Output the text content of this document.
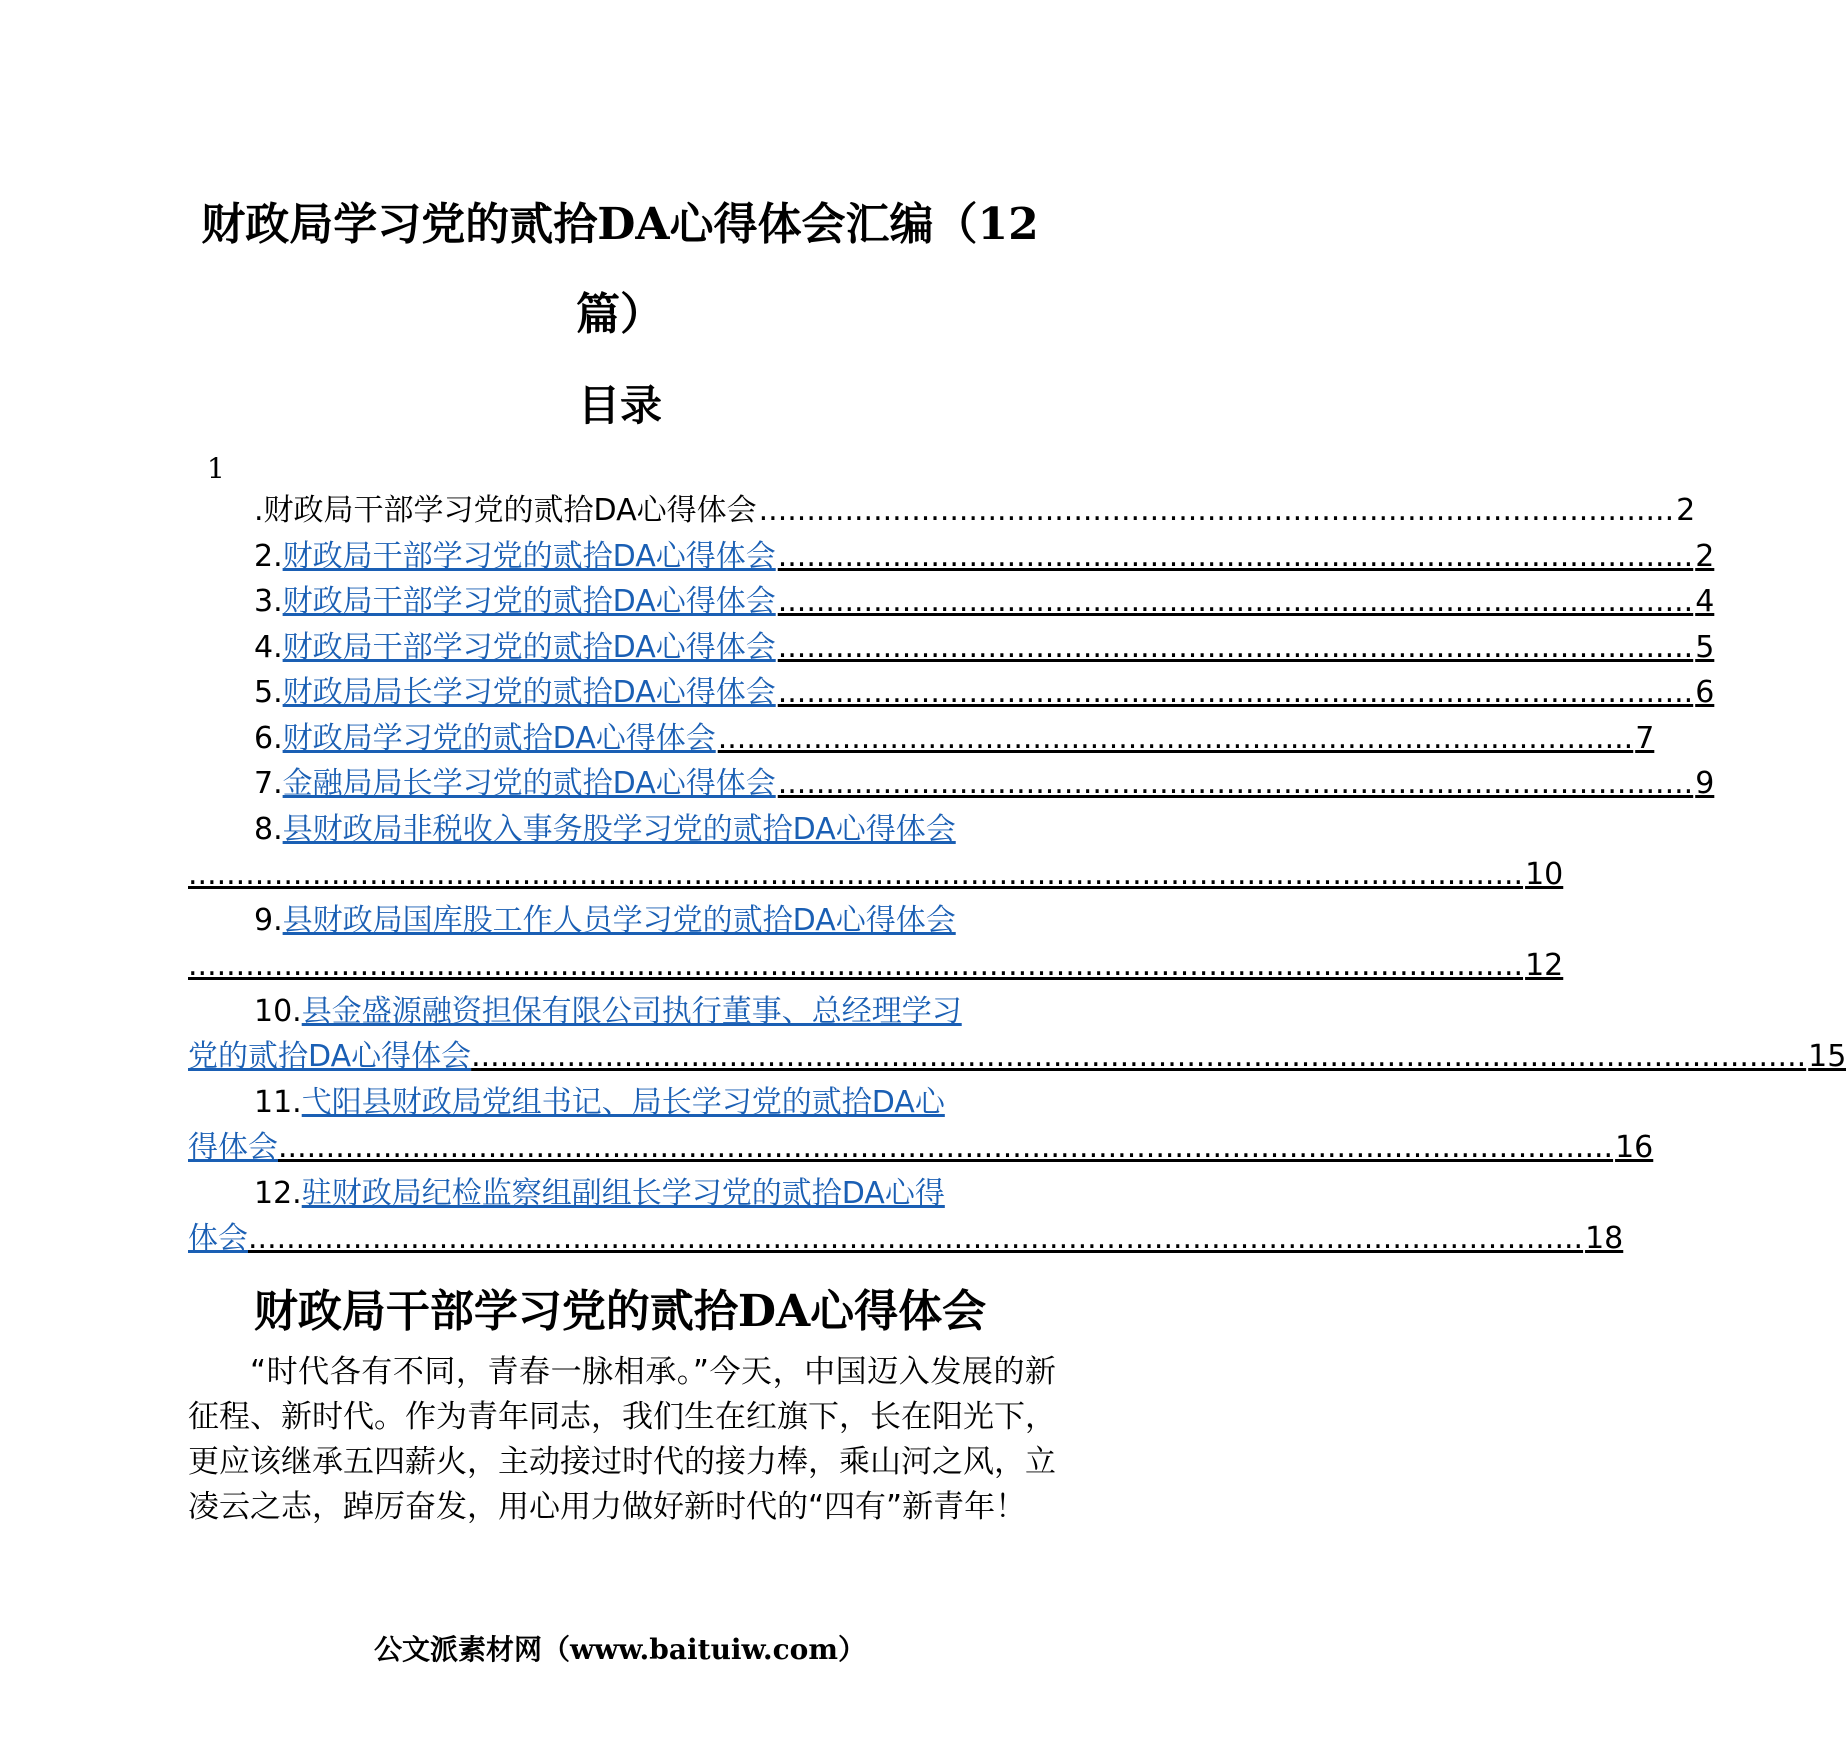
财政局学习党的贰拾DA心得体会汇编（12
篇）
目录
1
.财政局干部学习党的贰拾DA心得体会 ................................................................................................ 2
2. 财政局干部学习党的贰拾DA心得体会 ................................................................................................ 2
3. 财政局干部学习党的贰拾DA心得体会 ................................................................................................ 4
4. 财政局干部学习党的贰拾DA心得体会 ................................................................................................ 5
5. 财政局局长学习党的贰拾DA心得体会 ................................................................................................ 6
6. 财政局学习党的贰拾DA心得体会 ................................................................................................ 7
7. 金融局局长学习党的贰拾DA心得体会 ................................................................................................ 9
8.县财政局非税收入事务股学习党的贰拾DA心得体会
............................................................................................................................................ 10
9.县财政局国库股工作人员学习党的贰拾DA心得体会
............................................................................................................................................ 12
10.县金盛源融资担保有限公司执行董事、总经理学习
党的贰拾DA心得体会 ............................................................................................................................................ 15
11.弋阳县财政局党组书记、局长学习党的贰拾DA心
得体会 ............................................................................................................................................ 16
12.驻财政局纪检监察组副组长学习党的贰拾DA心得
体会 ............................................................................................................................................ 18
财政局干部学习党的贰拾DA心得体会

“时代各有不同，青春一脉相承。”今天，中国迈入发展的新征程、新时代。作为青年同志，我们生在红旗下，长在阳光下，更应该继承五四薪火，主动接过时代的接力棒，乘山河之风，立凌云之志，踔厉奋发，用心用力做好新时代的“四有”新青年！

公文派素材网（www.baituiw.com）
